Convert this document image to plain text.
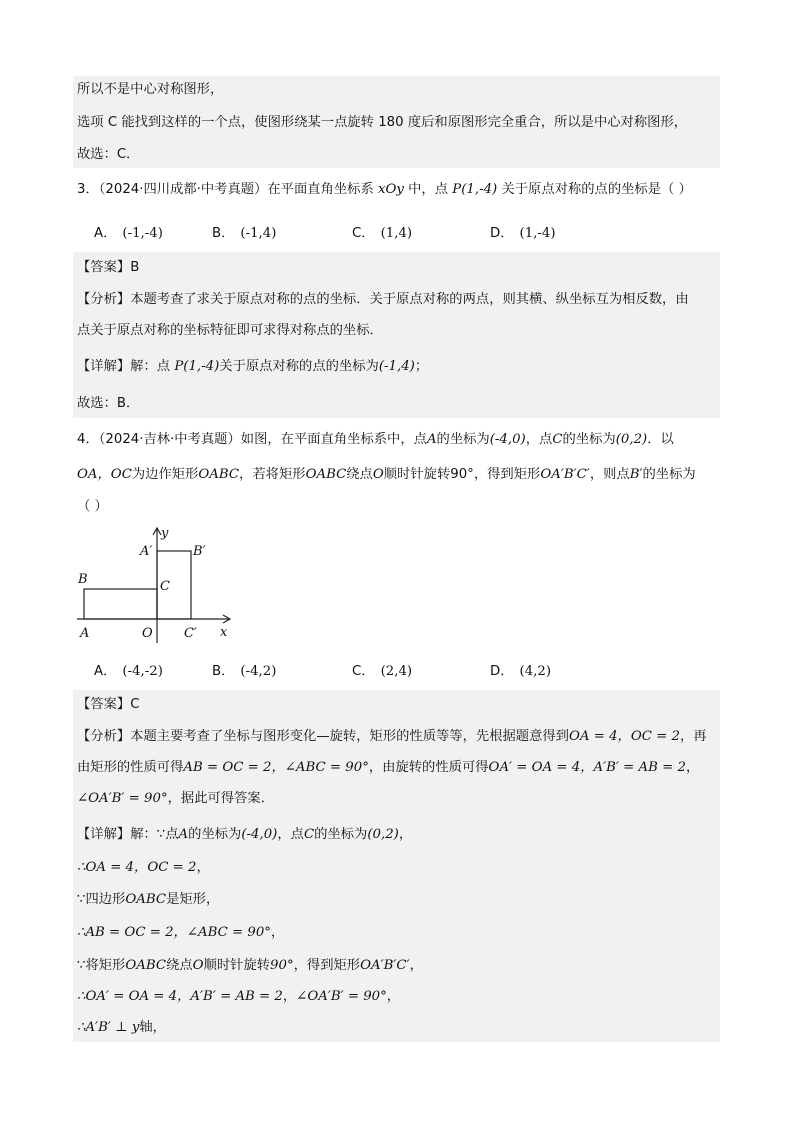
所以不是中心对称图形，
选项 C 能找到这样的一个点，使图形绕某一点旋转 180 度后和原图形完全重合，所以是中心对称图形，
故选：C．
3．（2024·四川成都·中考真题）在平面直角坐标系 xOy 中，点 P(1,-4) 关于原点对称的点的坐标是（ ）
A． (-1,-4)	B． (-1,4)	C． (1,4)	D． (1,-4)
【答案】B
【分析】本题考查了求关于原点对称的点的坐标．关于原点对称的两点，则其横、纵坐标互为相反数，由
点关于原点对称的坐标特征即可求得对称点的坐标．
【详解】解：点 P(1,-4)关于原点对称的点的坐标为(-1,4)；
故选：B．
4．（2024·吉林·中考真题）如图，在平面直角坐标系中，点A的坐标为(-4,0)，点C的坐标为(0,2)．以
OA，OC为边作矩形OABC，若将矩形OABC绕点O顺时针旋转90°，得到矩形OA′B′C′，则点B′的坐标为
（ ）
y
x
A′	B′
B	C
A	O C′
A． (-4,-2)	B． (-4,2)	C． (2,4)	D． (4,2)
【答案】C
【分析】本题主要考查了坐标与图形变化—旋转，矩形的性质等等，先根据题意得到OA = 4，OC = 2，再
由矩形的性质可得AB = OC = 2，∠ABC = 90°，由旋转的性质可得OA′ = OA = 4，A′B′ = AB = 2，
∠OA′B′ = 90°，据此可得答案．
【详解】解：∵点A的坐标为(-4,0)，点C的坐标为(0,2)，
∴OA = 4，OC = 2，
∵四边形OABC是矩形，
∴AB = OC = 2，∠ABC = 90°，
∵将矩形OABC绕点O顺时针旋转90°，得到矩形OA′B′C′，
∴OA′ = OA = 4，A′B′ = AB = 2，∠OA′B′ = 90°，
∴A′B′ ⊥ y轴，
